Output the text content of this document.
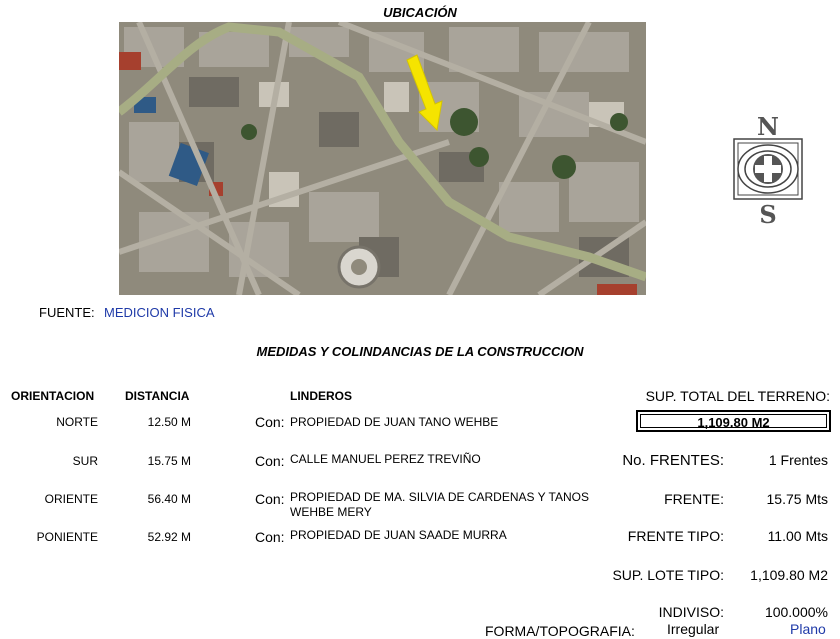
UBICACIÓN
N
S
FUENTE: MEDICION FISICA
MEDIDAS Y COLINDANCIAS DE LA CONSTRUCCION
ORIENTACION	DISTANCIA	LINDEROS
NORTE	12.50 M	Con: PROPIEDAD DE JUAN TANO WEHBE
SUR	15.75 M	Con: CALLE MANUEL PEREZ TREVIÑO
ORIENTE	56.40 M	Con: PROPIEDAD DE MA. SILVIA DE CARDENAS Y TANOS WEHBE MERY
PONIENTE	52.92 M	Con: PROPIEDAD DE JUAN SAADE MURRA
SUP. TOTAL DEL TERRENO:
1,109.80 M2
No. FRENTES:	1 Frentes
FRENTE:	15.75 Mts
FRENTE TIPO:	11.00 Mts
SUP. LOTE TIPO:	1,109.80 M2
INDIVISO:	100.000%
FORMA/TOPOGRAFIA: Irregular	Plano
